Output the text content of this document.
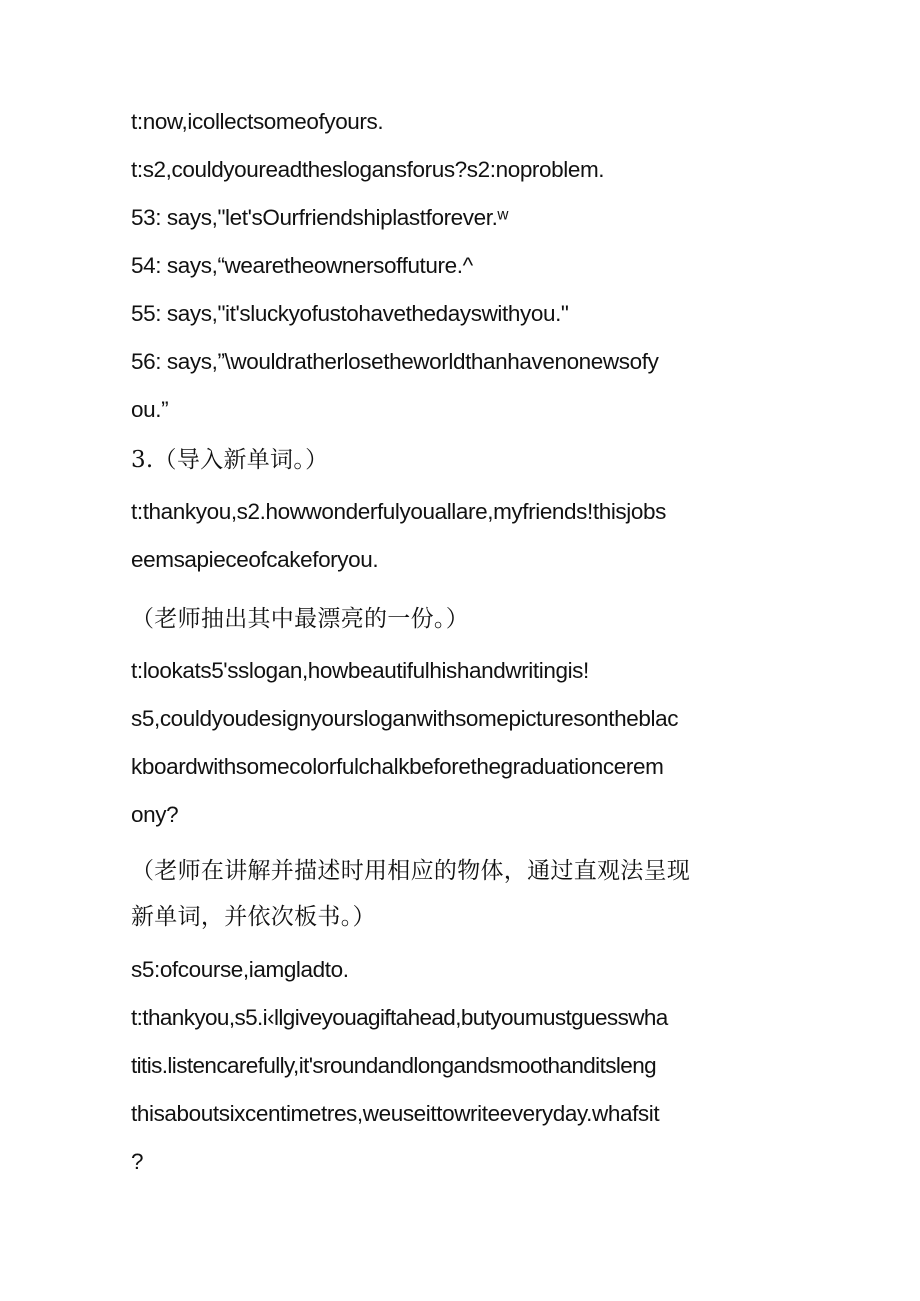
t:now,icollectsomeofyours.

t:s2,couldyoureadtheslogansforus?s2:noproblem.

53: says,"let'sOurfriendshiplastforever.ʷ

54: says,“wearetheownersoffuture.^

55: says,"it'sluckyofustohavethedayswithyou."

56: says,”\wouldratherlosetheworldthanhavenonewsofy

ou.”

3.（导入新单词。）

t:thankyou,s2.howwonderfulyouallare,myfriends!thisjobs

eemsapieceofcakeforyou.

（老师抽出其中最漂亮的一份。）

t:lookats5'sslogan,howbeautifulhishandwritingis!

s5,couldyoudesignyoursloganwithsomepicturesontheblac

kboardwithsomecolorfulchalkbeforethegraduationcerem

ony?

（老师在讲解并描述时用相应的物体，通过直观法呈现

新单词，并依次板书。）

s5:ofcourse,iamgladto.

t:thankyou,s5.i‹llgiveyouagiftahead,butyoumustguesswha

titis.listencarefully,it'sroundandlongandsmoothanditsleng

thisaboutsixcentimetres,weuseittowriteeveryday.whafsit

?
